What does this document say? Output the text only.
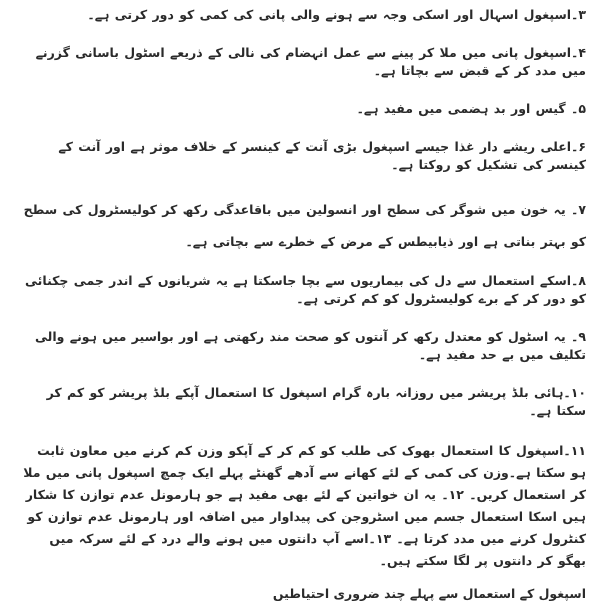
۳۔اسپغول اسہال اور اسکی وجہ سے ہونے والی پانی کی کمی کو دور کرتی ہے۔

۴۔اسپغول پانی میں ملا کر پینے سے عمل انہضام کی نالی کے ذریعے اسٹول باسانی گزرنے میں مدد کر کے قبض سے بچاتا ہے۔

۵۔ گیس اور بد ہضمی میں مفید ہے۔

۶۔اعلی ریشے دار غذا جیسے اسپغول بڑی آنت کے کینسر کے خلاف موثر ہے اور آنت کے کینسر کی تشکیل کو روکتا ہے۔

۷۔ یہ خون میں شوگر کی سطح اور انسولین میں باقاعدگی رکھ کر کولیسٹرول کی سطح کو بہتر بناتی ہے اور ذیابیطس کے مرض کے خطرے سے بچاتی ہے۔

۸۔اسکے استعمال سے دل کی بیماریوں سے بچا جاسکتا ہے یہ شریانوں کے اندر جمی چکنائی کو دور کر کے برے کولیسٹرول کو کم کرتی ہے۔

۹۔ یہ اسٹول کو معتدل رکھ کر آنتوں کو صحت مند رکھتی ہے اور بواسیر میں ہونے والی تکلیف میں بے حد مفید ہے۔

۱۰۔ہائی بلڈ پریشر میں روزانہ بارہ گرام اسپغول کا استعمال آپکے بلڈ پریشر کو کم کر سکتا ہے۔

۱۱۔اسپغول کا استعمال بھوک کی طلب کو کم کر کے آپکو وزن کم کرنے میں معاون ثابت ہو سکتا ہے۔وزن کی کمی کے لئے کھانے سے آدھے گھنٹے پہلے ایک چمچ اسپغول پانی میں ملا کر استعمال کریں۔ ۱۲۔ یہ ان خواتین کے لئے بھی مفید ہے جو ہارمونل عدم توازن کا شکار ہیں اسکا استعمال جسم میں اسٹروجن کی پیداوار میں اضافہ اور ہارمونل عدم توازن کو کنٹرول کرنے میں مدد کرتا ہے۔ ۱۳۔اسے آپ دانتوں میں ہونے والے درد کے لئے سرکہ میں بھگو کر دانتوں پر لگا سکتے ہیں۔

اسپغول کے استعمال سے پہلے چند ضروری احتیاطیں
